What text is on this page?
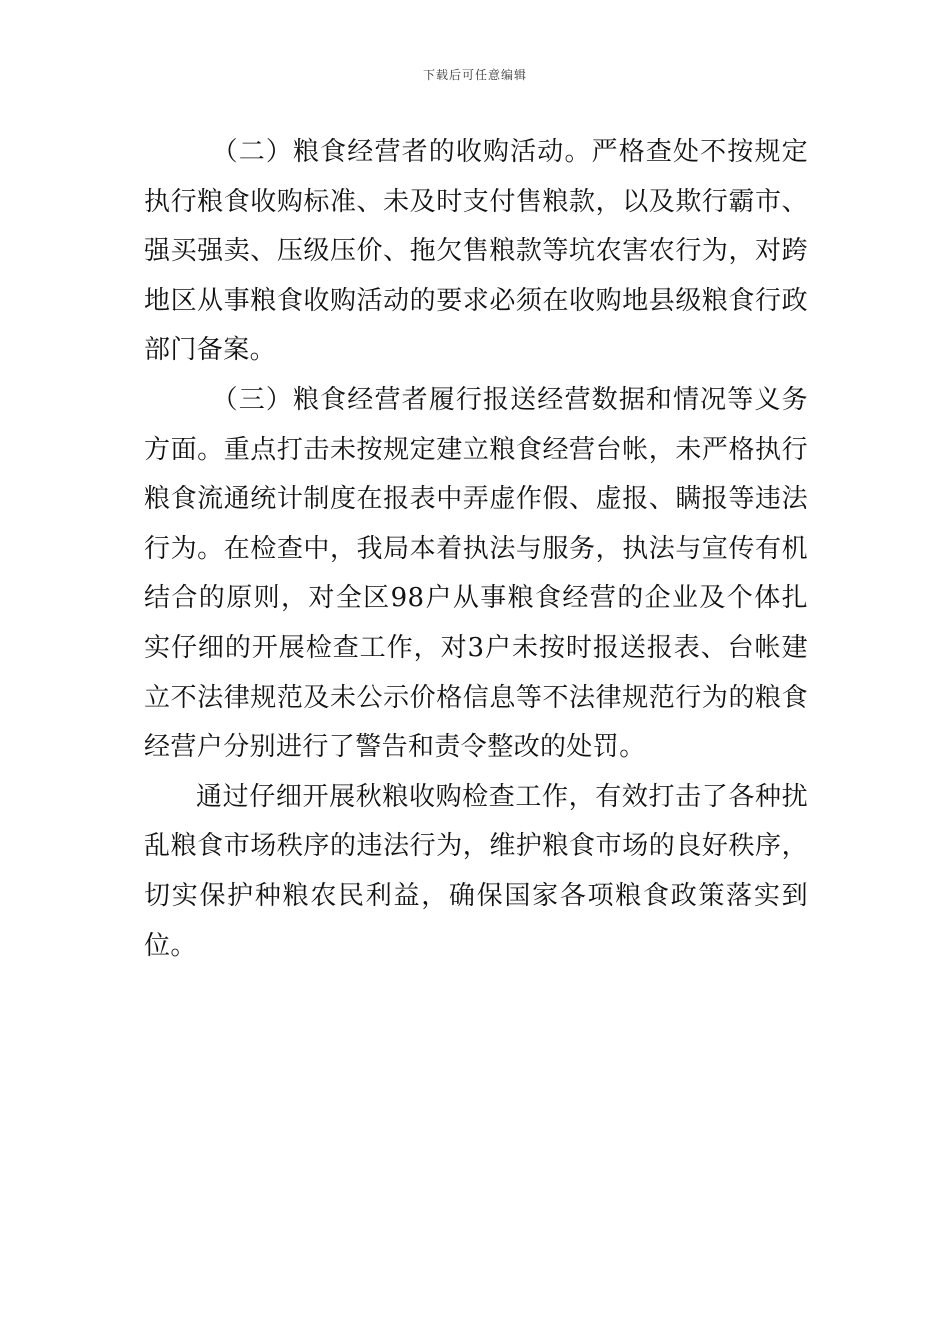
下载后可任意编辑

（二）粮食经营者的收购活动。严格查处不按规定执行粮食收购标准、未及时支付售粮款，以及欺行霸市、强买强卖、压级压价、拖欠售粮款等坑农害农行为，对跨地区从事粮食收购活动的要求必须在收购地县级粮食行政部门备案。

（三）粮食经营者履行报送经营数据和情况等义务方面。重点打击未按规定建立粮食经营台帐，未严格执行粮食流通统计制度在报表中弄虚作假、虚报、瞒报等违法行为。在检查中，我局本着执法与服务，执法与宣传有机结合的原则，对全区98户从事粮食经营的企业及个体扎实仔细的开展检查工作，对3户未按时报送报表、台帐建立不法律规范及未公示价格信息等不法律规范行为的粮食经营户分别进行了警告和责令整改的处罚。

通过仔细开展秋粮收购检查工作，有效打击了各种扰乱粮食市场秩序的违法行为，维护粮食市场的良好秩序，切实保护种粮农民利益，确保国家各项粮食政策落实到位。
